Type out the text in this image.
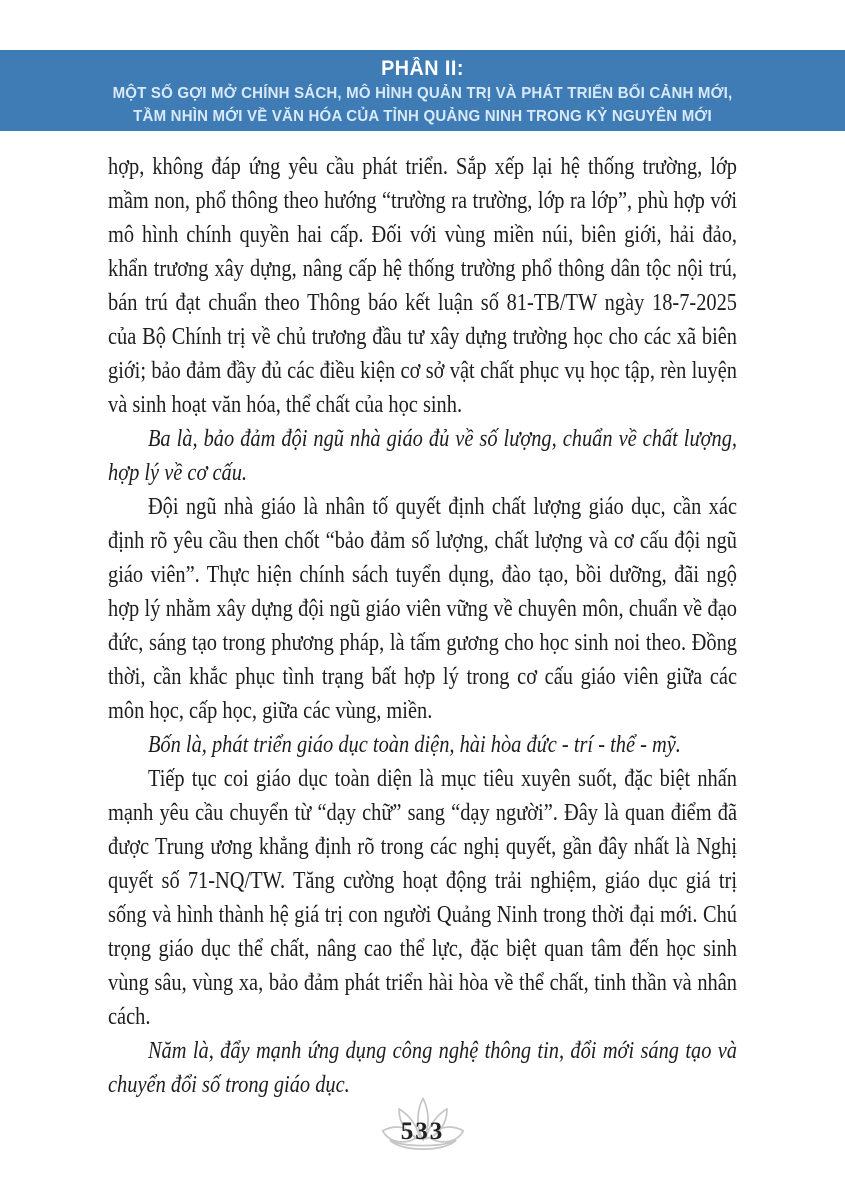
PHẦN II:
MỘT SỐ GỢI MỞ CHÍNH SÁCH, MÔ HÌNH QUẢN TRỊ VÀ PHÁT TRIỂN BỐI CẢNH MỚI,
TẦM NHÌN MỚI VỀ VĂN HÓA CỦA TỈNH QUẢNG NINH TRONG KỶ NGUYÊN MỚI

hợp, không đáp ứng yêu cầu phát triển. Sắp xếp lại hệ thống trường, lớp mầm non, phổ thông theo hướng “trường ra trường, lớp ra lớp”, phù hợp với mô hình chính quyền hai cấp. Đối với vùng miền núi, biên giới, hải đảo, khẩn trương xây dựng, nâng cấp hệ thống trường phổ thông dân tộc nội trú, bán trú đạt chuẩn theo Thông báo kết luận số 81-TB/TW ngày 18-7-2025 của Bộ Chính trị về chủ trương đầu tư xây dựng trường học cho các xã biên giới; bảo đảm đầy đủ các điều kiện cơ sở vật chất phục vụ học tập, rèn luyện và sinh hoạt văn hóa, thể chất của học sinh.

Ba là, bảo đảm đội ngũ nhà giáo đủ về số lượng, chuẩn về chất lượng, hợp lý về cơ cấu.

Đội ngũ nhà giáo là nhân tố quyết định chất lượng giáo dục, cần xác định rõ yêu cầu then chốt “bảo đảm số lượng, chất lượng và cơ cấu đội ngũ giáo viên”. Thực hiện chính sách tuyển dụng, đào tạo, bồi dưỡng, đãi ngộ hợp lý nhằm xây dựng đội ngũ giáo viên vững về chuyên môn, chuẩn về đạo đức, sáng tạo trong phương pháp, là tấm gương cho học sinh noi theo. Đồng thời, cần khắc phục tình trạng bất hợp lý trong cơ cấu giáo viên giữa các môn học, cấp học, giữa các vùng, miền.

Bốn là, phát triển giáo dục toàn diện, hài hòa đức - trí - thể - mỹ.

Tiếp tục coi giáo dục toàn diện là mục tiêu xuyên suốt, đặc biệt nhấn mạnh yêu cầu chuyển từ “dạy chữ” sang “dạy người”. Đây là quan điểm đã được Trung ương khẳng định rõ trong các nghị quyết, gần đây nhất là Nghị quyết số 71-NQ/TW. Tăng cường hoạt động trải nghiệm, giáo dục giá trị sống và hình thành hệ giá trị con người Quảng Ninh trong thời đại mới. Chú trọng giáo dục thể chất, nâng cao thể lực, đặc biệt quan tâm đến học sinh vùng sâu, vùng xa, bảo đảm phát triển hài hòa về thể chất, tinh thần và nhân cách.

Năm là, đẩy mạnh ứng dụng công nghệ thông tin, đổi mới sáng tạo và chuyển đổi số trong giáo dục.

533
